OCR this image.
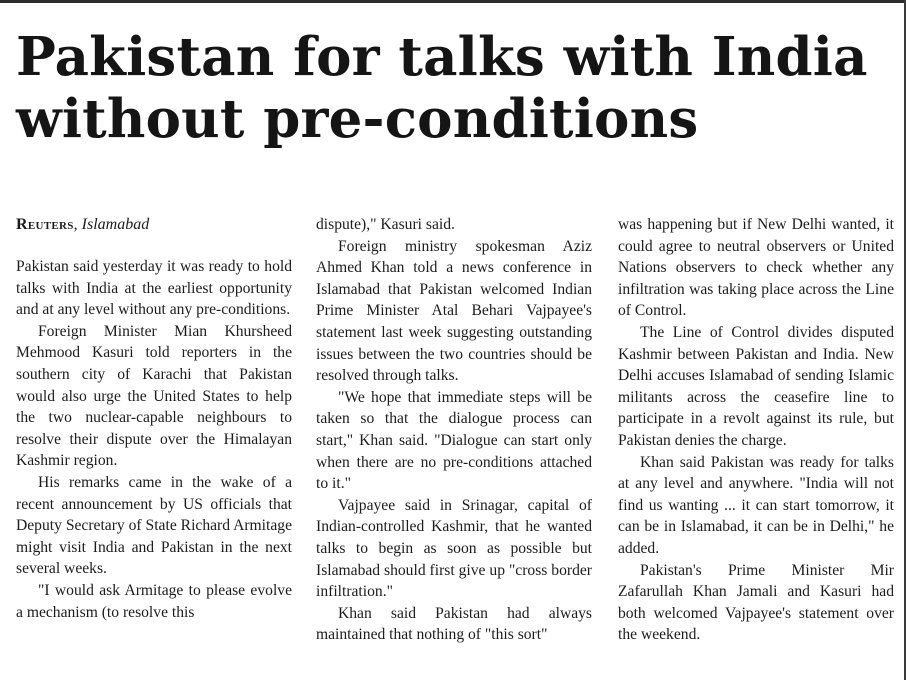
Pakistan for talks with India without pre-conditions
Reuters, Islamabad

Pakistan said yesterday it was ready to hold talks with India at the earliest opportunity and at any level without any pre-conditions.

Foreign Minister Mian Khursheed Mehmood Kasuri told reporters in the southern city of Karachi that Pakistan would also urge the United States to help the two nuclear-capable neighbours to resolve their dispute over the Himalayan Kashmir region.

His remarks came in the wake of a recent announcement by US officials that Deputy Secretary of State Richard Armitage might visit India and Pakistan in the next several weeks.

"I would ask Armitage to please evolve a mechanism (to resolve this

dispute)," Kasuri said.

Foreign ministry spokesman Aziz Ahmed Khan told a news conference in Islamabad that Pakistan welcomed Indian Prime Minister Atal Behari Vajpayee's statement last week suggesting outstanding issues between the two countries should be resolved through talks.

"We hope that immediate steps will be taken so that the dialogue process can start," Khan said. "Dialogue can start only when there are no pre-conditions attached to it."

Vajpayee said in Srinagar, capital of Indian-controlled Kashmir, that he wanted talks to begin as soon as possible but Islamabad should first give up "cross border infiltration."

Khan said Pakistan had always maintained that nothing of "this sort"

was happening but if New Delhi wanted, it could agree to neutral observers or United Nations observers to check whether any infiltration was taking place across the Line of Control.

The Line of Control divides disputed Kashmir between Pakistan and India. New Delhi accuses Islamabad of sending Islamic militants across the ceasefire line to participate in a revolt against its rule, but Pakistan denies the charge.

Khan said Pakistan was ready for talks at any level and anywhere. "India will not find us wanting ... it can start tomorrow, it can be in Islamabad, it can be in Delhi," he added.

Pakistan's Prime Minister Mir Zafarullah Khan Jamali and Kasuri had both welcomed Vajpayee's statement over the weekend.
